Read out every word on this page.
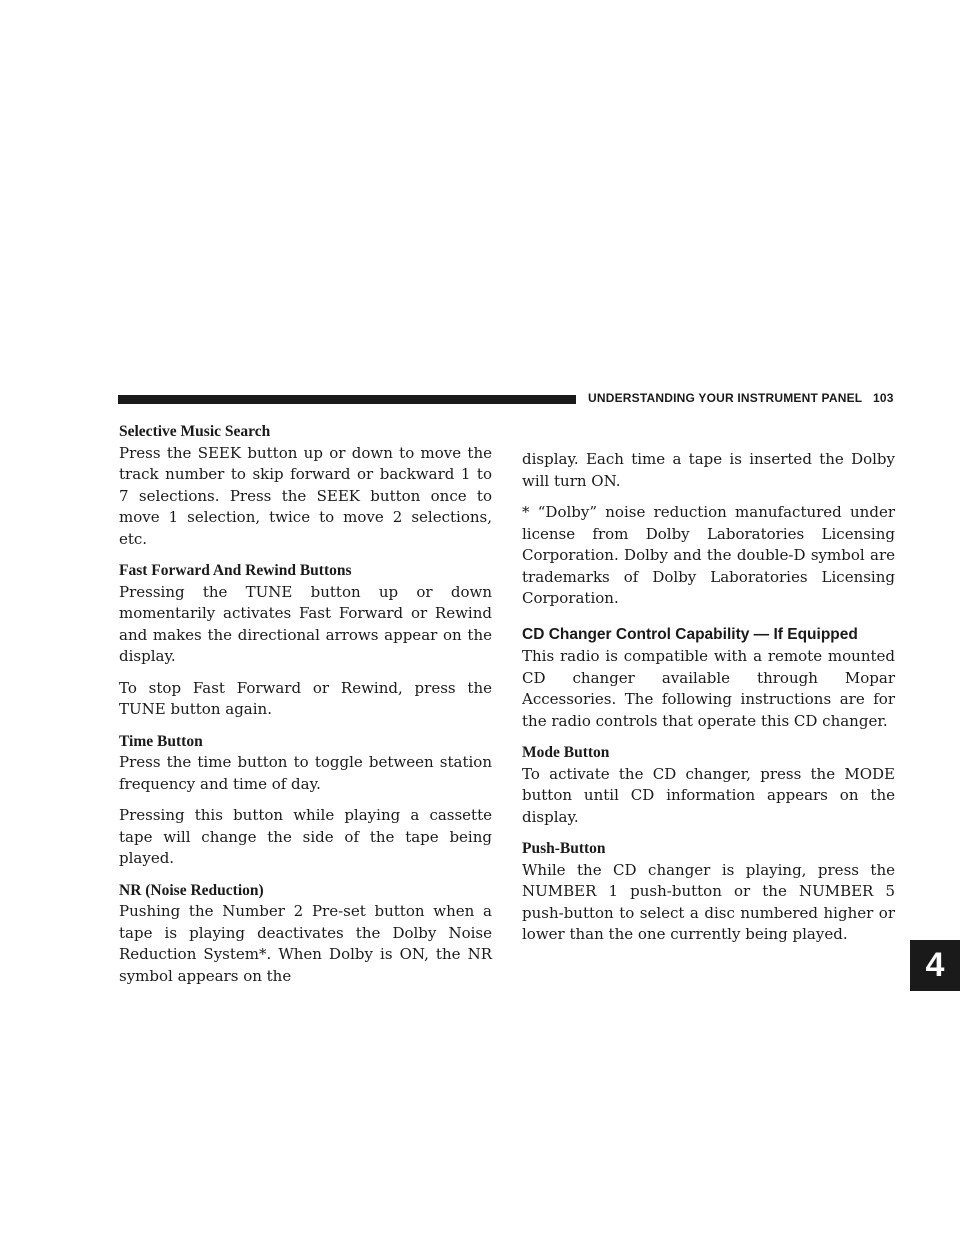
UNDERSTANDING YOUR INSTRUMENT PANEL 103
4

Selective Music Search

Press the SEEK button up or down to move the track number to skip forward or backward 1 to 7 selections. Press the SEEK button once to move 1 selection, twice to move 2 selections, etc.

Fast Forward And Rewind Buttons

Pressing the TUNE button up or down momentarily activates Fast Forward or Rewind and makes the directional arrows appear on the display.

To stop Fast Forward or Rewind, press the TUNE button again.

Time Button

Press the time button to toggle between station frequency and time of day.

Pressing this button while playing a cassette tape will change the side of the tape being played.

NR (Noise Reduction)

Pushing the Number 2 Pre-set button when a tape is playing deactivates the Dolby Noise Reduction System*. When Dolby is ON, the NR symbol appears on the

display. Each time a tape is inserted the Dolby will turn ON.

* “Dolby” noise reduction manufactured under license from Dolby Laboratories Licensing Corporation. Dolby and the double-D symbol are trademarks of Dolby Laboratories Licensing Corporation.

CD Changer Control Capability — If Equipped

This radio is compatible with a remote mounted CD changer available through Mopar Accessories. The following instructions are for the radio controls that operate this CD changer.

Mode Button

To activate the CD changer, press the MODE button until CD information appears on the display.

Push-Button

While the CD changer is playing, press the NUMBER 1 push-button or the NUMBER 5 push-button to select a disc numbered higher or lower than the one currently being played.
